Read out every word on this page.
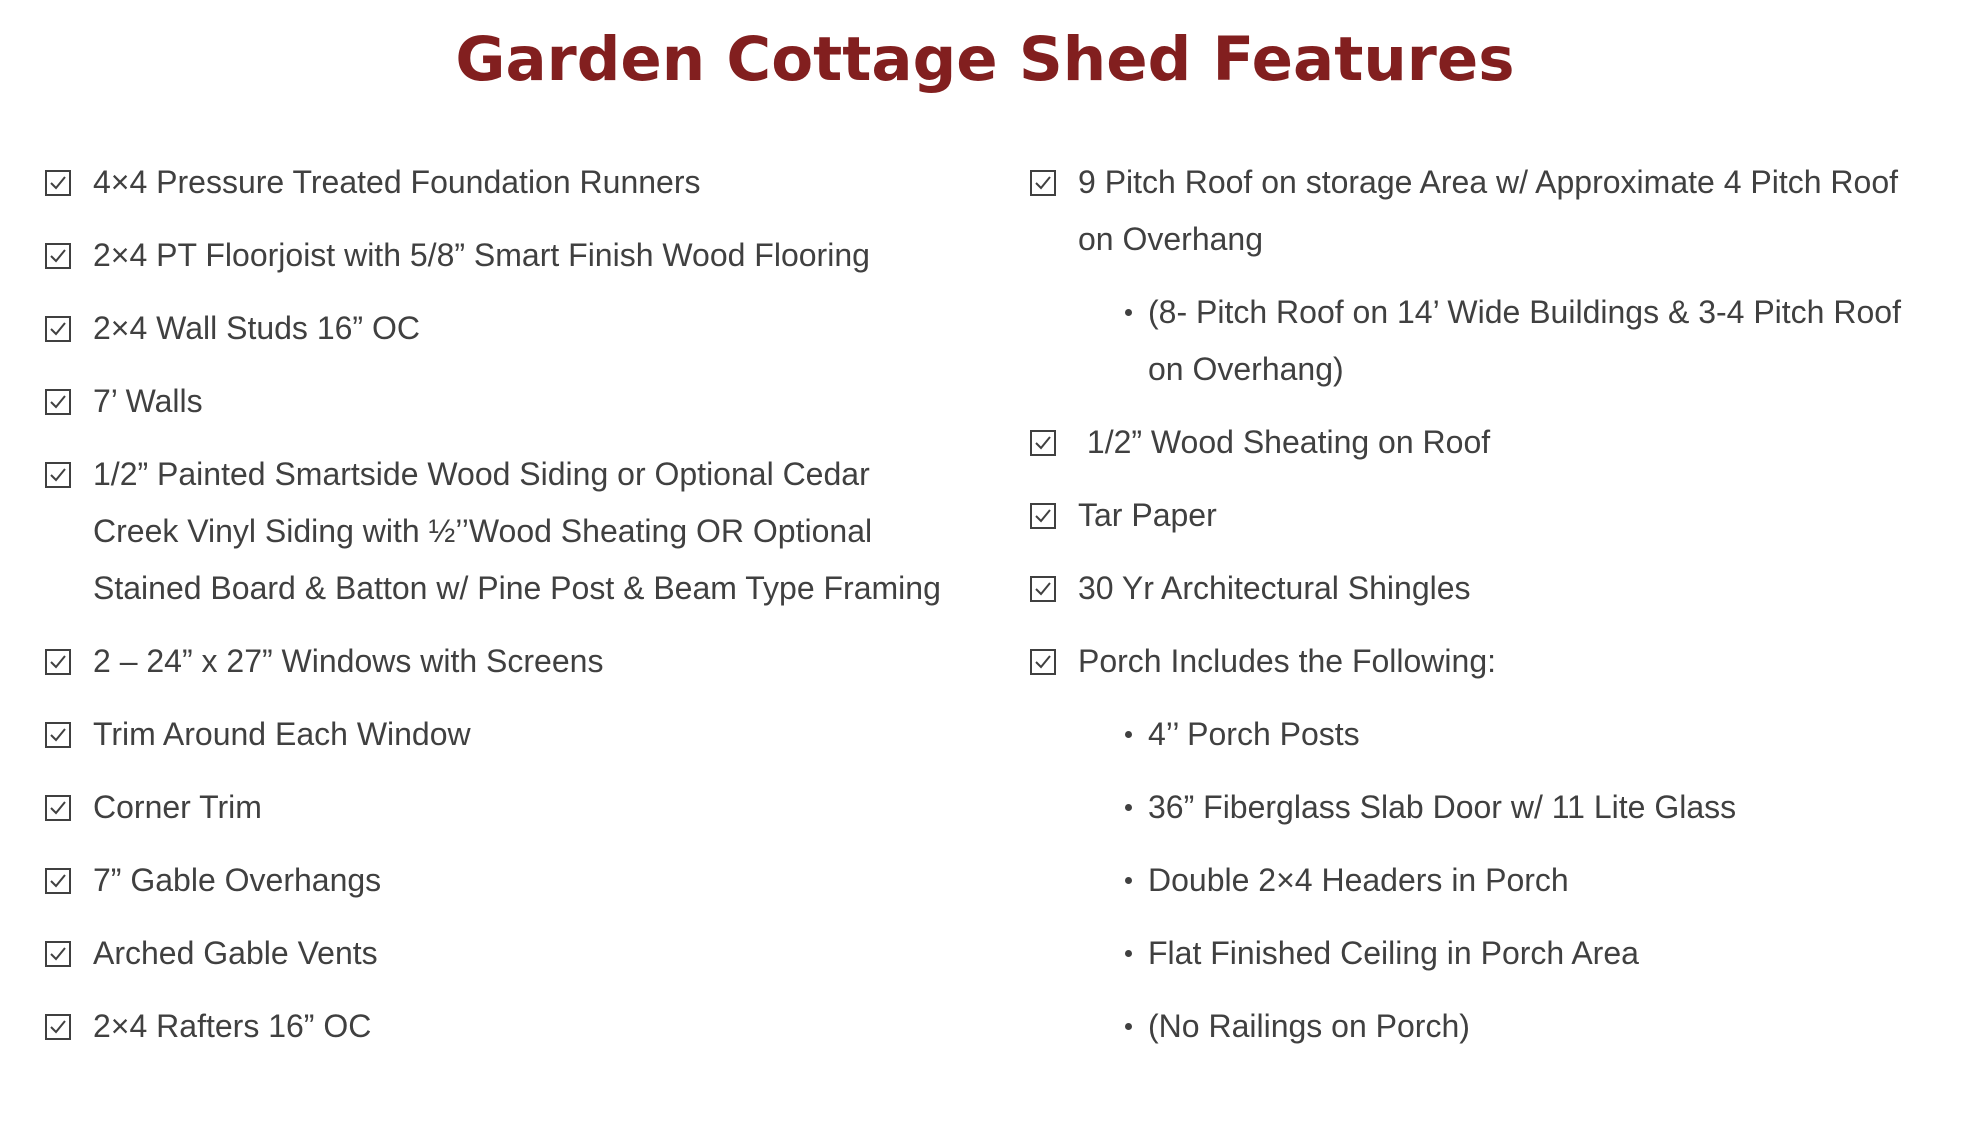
Garden Cottage Shed Features
4×4 Pressure Treated Foundation Runners
2×4 PT Floorjoist with 5/8” Smart Finish Wood Flooring
2×4 Wall Studs 16” OC
7’ Walls
1/2” Painted Smartside Wood Siding or Optional Cedar Creek Vinyl Siding with ½’’Wood Sheating OR Optional Stained Board & Batton w/ Pine Post & Beam Type Framing
2 – 24” x 27” Windows with Screens
Trim Around Each Window
Corner Trim
7” Gable Overhangs
Arched Gable Vents
2×4 Rafters 16” OC
9 Pitch Roof on storage Area w/ Approximate 4 Pitch Roof on Overhang
(8- Pitch Roof on 14’ Wide Buildings & 3-4 Pitch Roof on Overhang)
1/2” Wood Sheating on Roof
Tar Paper
30 Yr Architectural Shingles
Porch Includes the Following:
4’’ Porch Posts
36” Fiberglass Slab Door w/ 11 Lite Glass
Double 2×4 Headers in Porch
Flat Finished Ceiling in Porch Area
(No Railings on Porch)
